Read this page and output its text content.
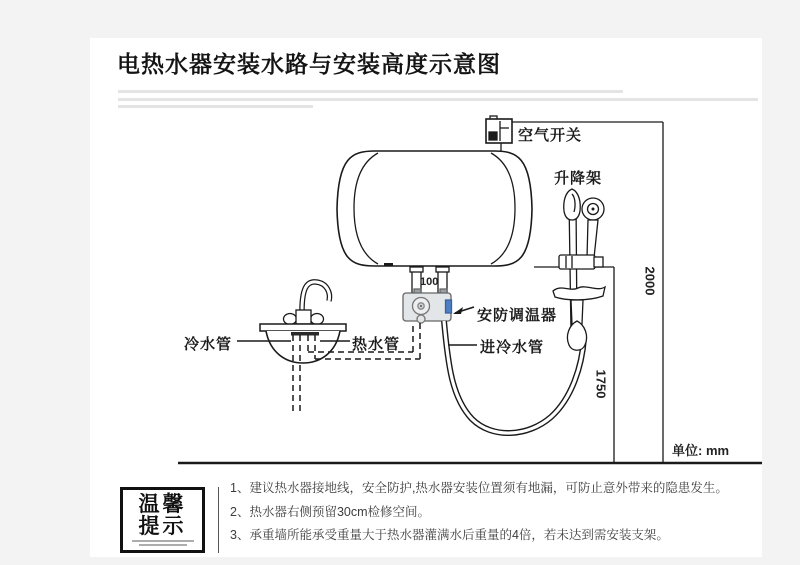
电热水器安装水路与安装高度示意图
空气开关
升降架
安防调温器
进冷水管
冷水管	热水管
2000
1750
100
单位: mm
温馨
提示
1、建议热水器接地线，安全防护,热水器安装位置须有地漏，可防止意外带来的隐患发生。
2、热水器右侧预留30cm检修空间。
3、承重墙所能承受重量大于热水器灌满水后重量的4倍，若未达到需安装支架。
